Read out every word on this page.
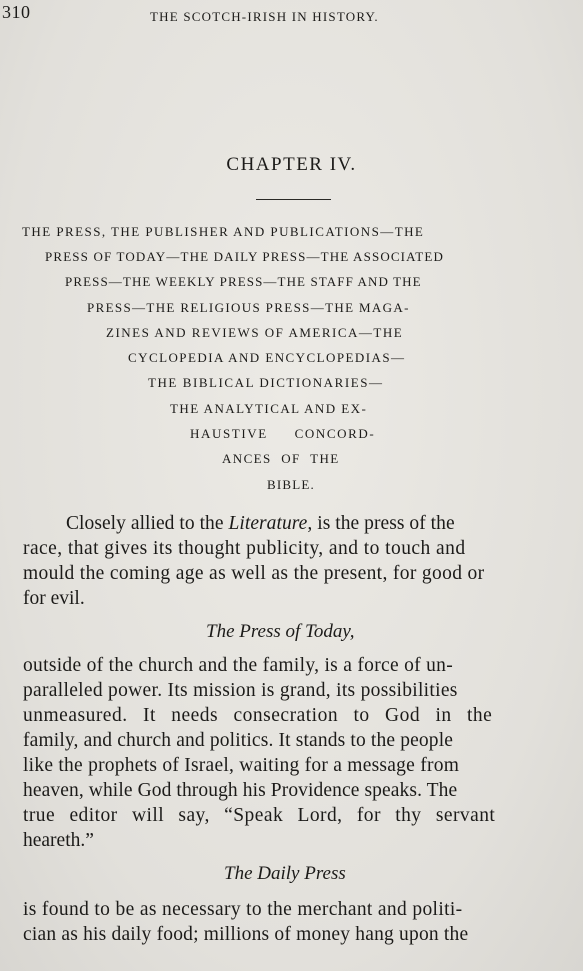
310	THE SCOTCH-IRISH IN HISTORY.
CHAPTER IV.
THE PRESS, THE PUBLISHER AND PUBLICATIONS—THE
PRESS OF TODAY—THE DAILY PRESS—THE ASSOCIATED
PRESS—THE WEEKLY PRESS—THE STAFF AND THE
PRESS—THE RELIGIOUS PRESS—THE MAGA-
ZINES AND REVIEWS OF AMERICA—THE
CYCLOPEDIA AND ENCYCLOPEDIAS—
THE BIBLICAL DICTIONARIES—
THE ANALYTICAL AND EX-
HAUSTIVE CONCORD-
ANCES OF THE
BIBLE.
Closely allied to the Literature, is the press of the
race, that gives its thought publicity, and to touch and
mould the coming age as well as the present, for good or
for evil.
The Press of Today,
outside of the church and the family, is a force of un-
paralleled power. Its mission is grand, its possibilities
unmeasured. It needs consecration to God in the
family, and church and politics. It stands to the people
like the prophets of Israel, waiting for a message from
heaven, while God through his Providence speaks. The
true editor will say, “Speak Lord, for thy servant
heareth.”
The Daily Press
is found to be as necessary to the merchant and politi-
cian as his daily food; millions of money hang upon the
